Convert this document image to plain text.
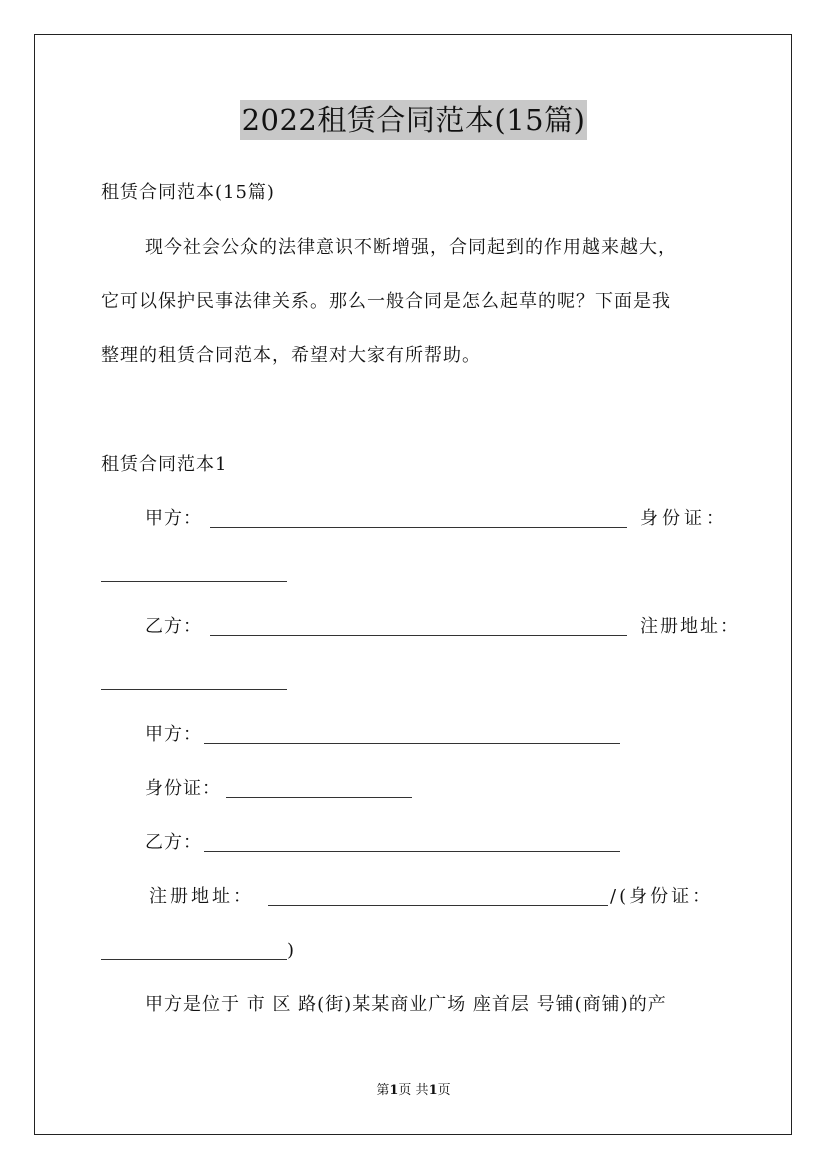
2022租赁合同范本(15篇)
租赁合同范本(15篇)
现今社会公众的法律意识不断增强，合同起到的作用越来越大，
它可以保护民事法律关系。那么一般合同是怎么起草的呢？下面是我
整理的租赁合同范本，希望对大家有所帮助。
租赁合同范本1
甲方：	身份证：
乙方：	注册地址：
甲方：
身份证：
乙方：
注册地址：	/(身份证：
)
甲方是位于 市 区 路(街)某某商业广场 座首层 号铺(商铺)的产
第1页 共1页
